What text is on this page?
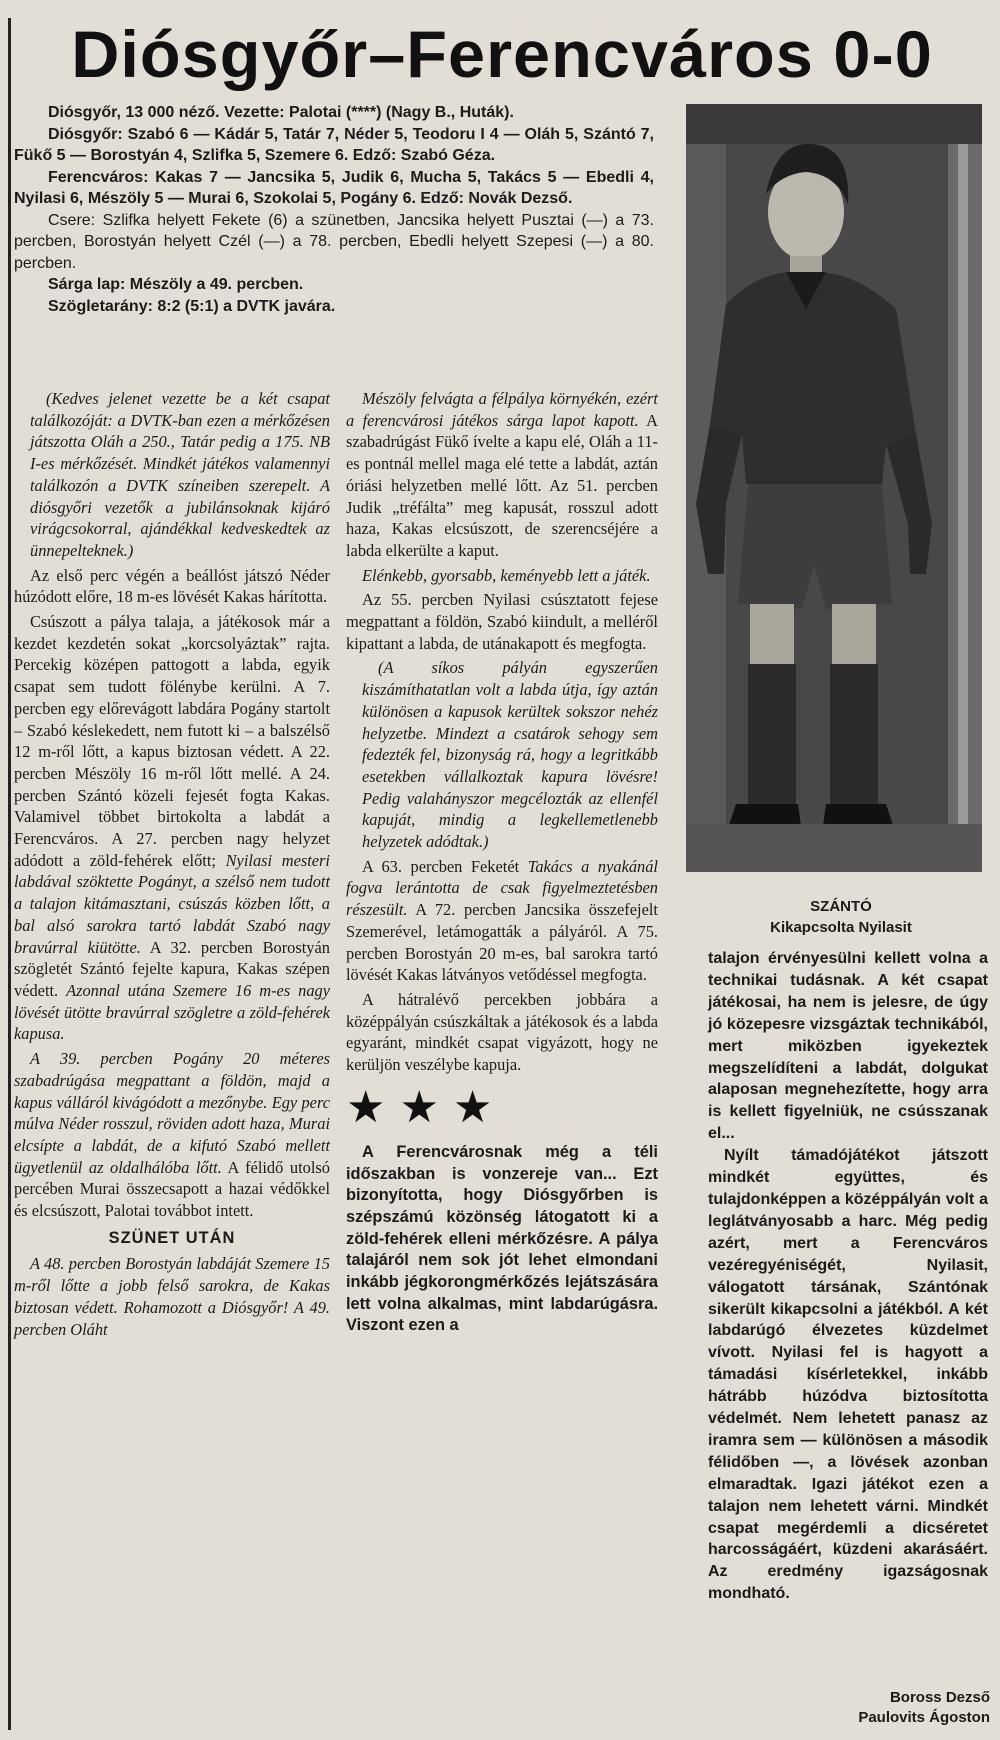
Diósgyőr–Ferencváros 0-0

Diósgyőr, 13 000 néző. Vezette: Palotai (****) (Nagy B., Huták).

Diósgyőr: Szabó 6 — Kádár 5, Tatár 7, Néder 5, Teodoru I 4 — Oláh 5, Szántó 7, Fükő 5 — Borostyán 4, Szlifka 5, Szemere 6. Edző: Szabó Géza.

Ferencváros: Kakas 7 — Jancsika 5, Judik 6, Mucha 5, Takács 5 — Ebedli 4, Nyilasi 6, Mészöly 5 — Murai 6, Szokolai 5, Pogány 6. Edző: Novák Dezső.

Csere: Szlifka helyett Fekete (6) a szünetben, Jancsika helyett Pusztai (—) a 73. percben, Borostyán helyett Czél (—) a 78. percben, Ebedli helyett Szepesi (—) a 80. percben.

Sárga lap: Mészöly a 49. percben.

Szögletarány: 8:2 (5:1) a DVTK javára.

(Kedves jelenet vezette be a két csapat találkozóját: a DVTK-ban ezen a mérkőzésen játszotta Oláh a 250., Tatár pedig a 175. NB I-es mérkőzését. Mindkét játékos valamennyi találkozón a DVTK színeiben szerepelt. A diósgyőri vezetők a jubilánsoknak kijáró virágcsokorral, ajándékkal kedveskedtek az ünnepelteknek.)

Az első perc végén a beállóst játszó Néder húzódott előre, 18 m-es lövését Kakas hárította.

Csúszott a pálya talaja, a játékosok már a kezdet kezdetén sokat „korcsolyáztak” rajta. Percekig középen pattogott a labda, egyik csapat sem tudott fölénybe kerülni. A 7. percben egy előrevágott labdára Pogány startolt – Szabó késlekedett, nem futott ki – a balszélső 12 m-ről lőtt, a kapus biztosan védett. A 22. percben Mészöly 16 m-ről lőtt mellé. A 24. percben Szántó közeli fejesét fogta Kakas. Valamivel többet birtokolta a labdát a Ferencváros. A 27. percben nagy helyzet adódott a zöld-fehérek előtt; Nyilasi mesteri labdával szöktette Pogányt, a szélső nem tudott a talajon kitámasztani, csúszás közben lőtt, a bal alsó sarokra tartó labdát Szabó nagy bravúrral kiütötte. A 32. percben Borostyán szögletét Szántó fejelte kapura, Kakas szépen védett. Azonnal utána Szemere 16 m-es nagy lövését ütötte bravúrral szögletre a zöld-fehérek kapusa.

A 39. percben Pogány 20 méteres szabadrúgása megpattant a földön, majd a kapus válláról kivágódott a mezőnybe. Egy perc múlva Néder rosszul, röviden adott haza, Murai elcsípte a labdát, de a kifutó Szabó mellett ügyetlenül az oldalhálóba lőtt. A félidő utolsó percében Murai összecsapott a hazai védőkkel és elcsúszott, Palotai továbbot intett.

SZÜNET UTÁN

A 48. percben Borostyán labdáját Szemere 15 m-ről lőtte a jobb felső sarokra, de Kakas biztosan védett. Rohamozott a Diósgyőr! A 49. percben Oláht

Mészöly felvágta a félpálya környékén, ezért a ferencvárosi játékos sárga lapot kapott. A szabadrúgást Fükő ívelte a kapu elé, Oláh a 11-es pontnál mellel maga elé tette a labdát, aztán óriási helyzetben mellé lőtt. Az 51. percben Judik „tréfálta” meg kapusát, rosszul adott haza, Kakas elcsúszott, de szerencséjére a labda elkerülte a kaput.

Elénkebb, gyorsabb, keményebb lett a játék.

Az 55. percben Nyilasi csúsztatott fejese megpattant a földön, Szabó kiindult, a melléről kipattant a labda, de utánakapott és megfogta.

(A síkos pályán egyszerűen kiszámíthatatlan volt a labda útja, így aztán különösen a kapusok kerültek sokszor nehéz helyzetbe. Mindezt a csatárok sehogy sem fedezték fel, bizonyság rá, hogy a legritkább esetekben vállalkoztak kapura lövésre! Pedig valahányszor megcélozták az ellenfél kapuját, mindig a legkellemetlenebb helyzetek adódtak.)

A 63. percben Feketét Takács a nyakánál fogva lerántotta de csak figyelmeztetésben részesült. A 72. percben Jancsika összefejelt Szemerével, letámogatták a pályáról. A 75. percben Borostyán 20 m-es, bal sarokra tartó lövését Kakas látványos vetődéssel megfogta.

A hátralévő percekben jobbára a középpályán csúszkáltak a játékosok és a labda egyaránt, mindkét csapat vigyázott, hogy ne kerüljön veszélybe kapuja.

★★★

A Ferencvárosnak még a téli időszakban is vonzereje van... Ezt bizonyította, hogy Diósgyőrben is szépszámú közönség látogatott ki a zöld-fehérek elleni mérkőzésre. A pálya talajáról nem sok jót lehet elmondani inkább jégkorongmérkőzés lejátszására lett volna alkalmas, mint labdarúgásra. Viszont ezen a

SZÁNTÓ
Kikapcsolta Nyilasit

talajon érvényesülni kellett volna a technikai tudásnak. A két csapat játékosai, ha nem is jelesre, de úgy jó közepesre vizsgáztak technikából, mert miközben igyekeztek megszelídíteni a labdát, dolgukat alaposan megnehezítette, hogy arra is kellett figyelniük, ne csússzanak el...

Nyílt támadójátékot játszott mindkét együttes, és tulajdonképpen a középpályán volt a leglátványosabb a harc. Még pedig azért, mert a Ferencváros vezéregyéniségét, Nyilasit, válogatott társának, Szántónak sikerült kikapcsolni a játékból. A két labdarúgó élvezetes küzdelmet vívott. Nyilasi fel is hagyott a támadási kísérletekkel, inkább hátrább húzódva biztosította védelmét. Nem lehetett panasz az iramra sem — különösen a második félidőben —, a lövések azonban elmaradtak. Igazi játékot ezen a talajon nem lehetett várni. Mindkét csapat megérdemli a dicséretet harcosságáért, küzdeni akarásáért. Az eredmény igazságosnak mondható.

Boross Dezső
Paulovits Ágoston
